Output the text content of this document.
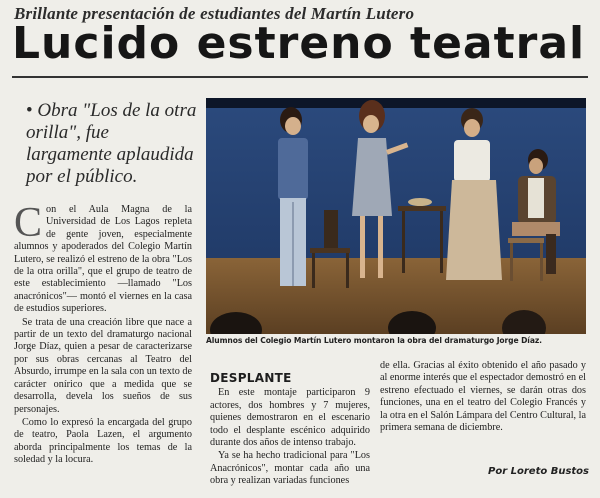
Brillante presentación de estudiantes del Martín Lutero
Lucido estreno teatral
• Obra "Los de la otra orilla", fue largamente aplaudida por el público.
Alumnos del Colegio Martín Lutero montaron la obra del dramaturgo Jorge Díaz.

Con el Aula Magna de la Universidad de Los Lagos repleta de gente joven, especialmente alumnos y apoderados del Colegio Martín Lutero, se realizó el estreno de la obra "Los de la otra orilla", que el grupo de teatro de este establecimiento —llamado "Los anacrónicos"— montó el viernes en la casa de estudios superiores.

Se trata de una creación libre que nace a partir de un texto del dramaturgo nacional Jorge Díaz, quien a pesar de caracterizarse por sus obras cercanas al Teatro del Absurdo, irrumpe en la sala con un texto de carácter onírico que a medida que se desarrolla, devela los sueños de sus personajes.

Como lo expresó la encargada del grupo de teatro, Paola Lazen, el argumento aborda principalmente los temas de la soledad y la locura.

DESPLANTE

En este montaje participaron 9 actores, dos hombres y 7 mujeres, quienes demostraron en el escenario todo el desplante escénico adquirido durante dos años de intenso trabajo.

Ya se ha hecho tradicional para "Los Anacrónicos", montar cada año una obra y realizan variadas funciones

de ella. Gracias al éxito obtenido el año pasado y al enorme interés que el espectador demostró en el estreno efectuado el viernes, se darán otras dos funciones, una en el teatro del Colegio Francés y la otra en el Salón Lámpara del Centro Cultural, la primera semana de diciembre.

Por Loreto Bustos
